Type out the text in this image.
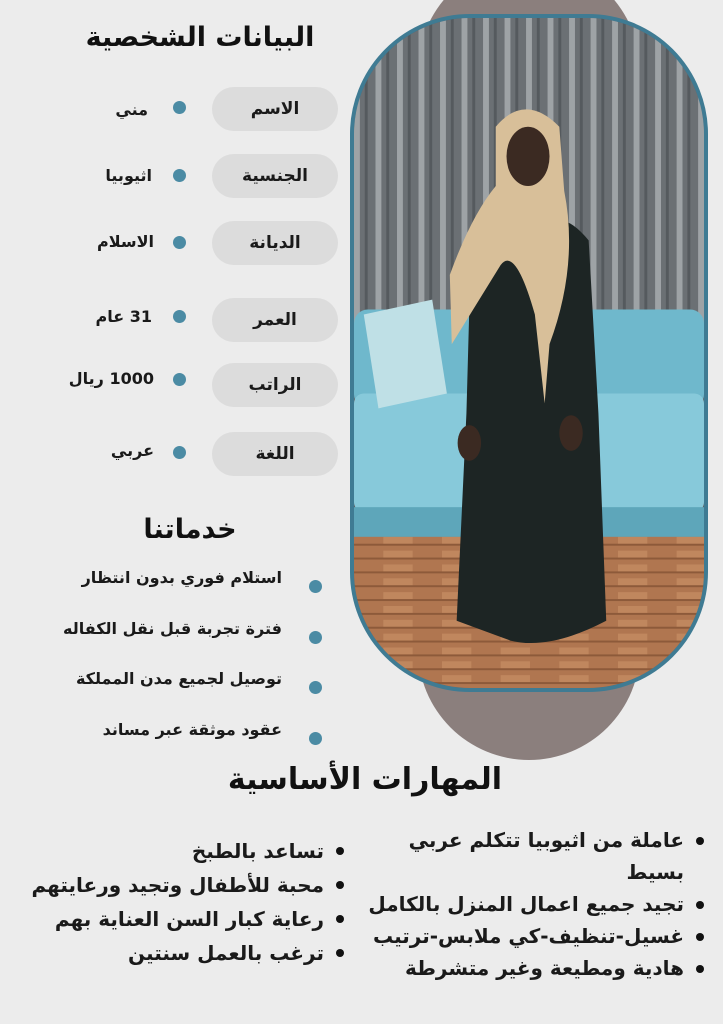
البيانات الشخصية
الاسم
مني
الجنسية
اثيوبيا
الديانة
الاسلام
العمر
31 عام
الراتب
1000 ريال
اللغة
عربي
خدماتنا
استلام فوري بدون انتظار
فترة تجربة قبل نقل الكفاله
توصيل لجميع مدن المملكة
عقود موثقة عبر مساند
المهارات الأساسية
عاملة من اثيوبيا تتكلم عربي بسيط
تجيد جميع اعمال المنزل بالكامل
غسيل-تنظيف-كي ملابس-ترتيب
هادية ومطيعة وغير متشرطة
تساعد بالطبخ
محبة للأطفال وتجيد ورعايتهم
رعاية كبار السن العناية بهم
ترغب بالعمل سنتين
